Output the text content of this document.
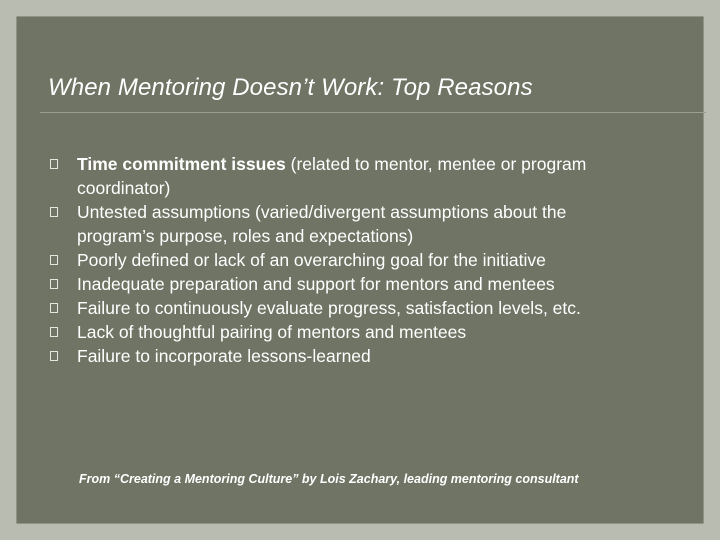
When Mentoring Doesn’t Work: Top Reasons
Time commitment issues (related to mentor, mentee or program coordinator)
Untested assumptions (varied/divergent assumptions about the program’s purpose, roles and expectations)
Poorly defined or lack of an overarching goal for the initiative
Inadequate preparation and support for mentors and mentees
Failure to continuously evaluate progress, satisfaction levels, etc.
Lack of thoughtful pairing of mentors and mentees
Failure to incorporate lessons-learned
From “Creating a Mentoring Culture” by Lois Zachary, leading mentoring consultant
